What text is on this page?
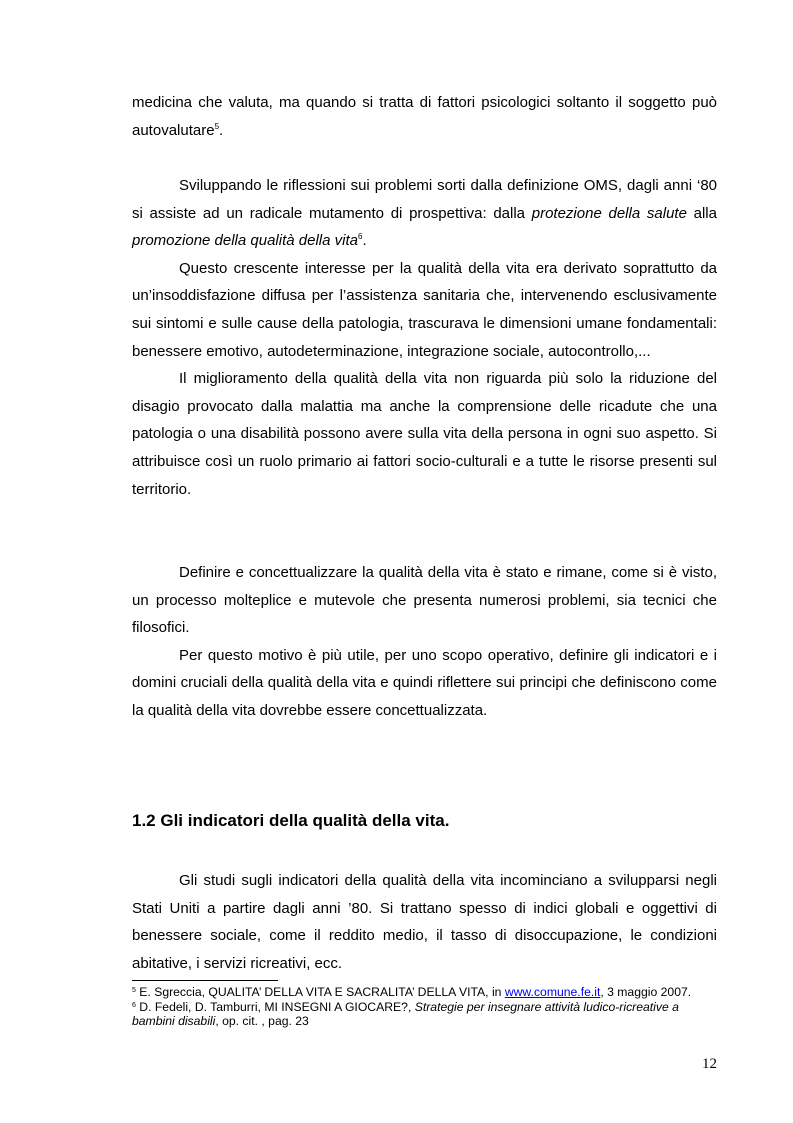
medicina che valuta, ma quando si tratta di fattori psicologici soltanto il soggetto può autovalutare$^5$.

Sviluppando le riflessioni sui problemi sorti dalla definizione OMS, dagli anni ‘80 si assiste ad un radicale mutamento di prospettiva: dalla protezione della salute alla promozione della qualità della vita$^6$.

Questo crescente interesse per la qualità della vita era derivato soprattutto da un’insoddisfazione diffusa per l’assistenza sanitaria che, intervenendo esclusivamente sui sintomi e sulle cause della patologia, trascurava le dimensioni umane fondamentali: benessere emotivo, autodeterminazione, integrazione sociale, autocontrollo,...

Il miglioramento della qualità della vita non riguarda più solo la riduzione del disagio provocato dalla malattia ma anche la comprensione delle ricadute che una patologia o una disabilità possono avere sulla vita della persona in ogni suo aspetto. Si attribuisce così un ruolo primario ai fattori socio-culturali e a tutte le risorse presenti sul territorio.

Definire e concettualizzare la qualità della vita è stato e rimane, come si è visto, un processo molteplice e mutevole che presenta numerosi problemi, sia tecnici che filosofici.

Per questo motivo è più utile, per uno scopo operativo, definire gli indicatori e i domini cruciali della qualità della vita e quindi riflettere sui principi che definiscono come la qualità della vita dovrebbe essere concettualizzata.

1.2 Gli indicatori della qualità della vita.

Gli studi sugli indicatori della qualità della vita incominciano a svilupparsi negli Stati Uniti a partire dagli anni ’80. Si trattano spesso di indici globali e oggettivi di benessere sociale, come il reddito medio, il tasso di disoccupazione, le condizioni abitative, i servizi ricreativi, ecc.

$^5$ E. Sgreccia, QUALITA’ DELLA VITA E SACRALITA’ DELLA VITA, in www.comune.fe.it, 3 maggio 2007.

$^6$ D. Fedeli, D. Tamburri, MI INSEGNI A GIOCARE?, Strategie per insegnare attività ludico-ricreative a bambini disabili, op. cit. , pag. 23

12
